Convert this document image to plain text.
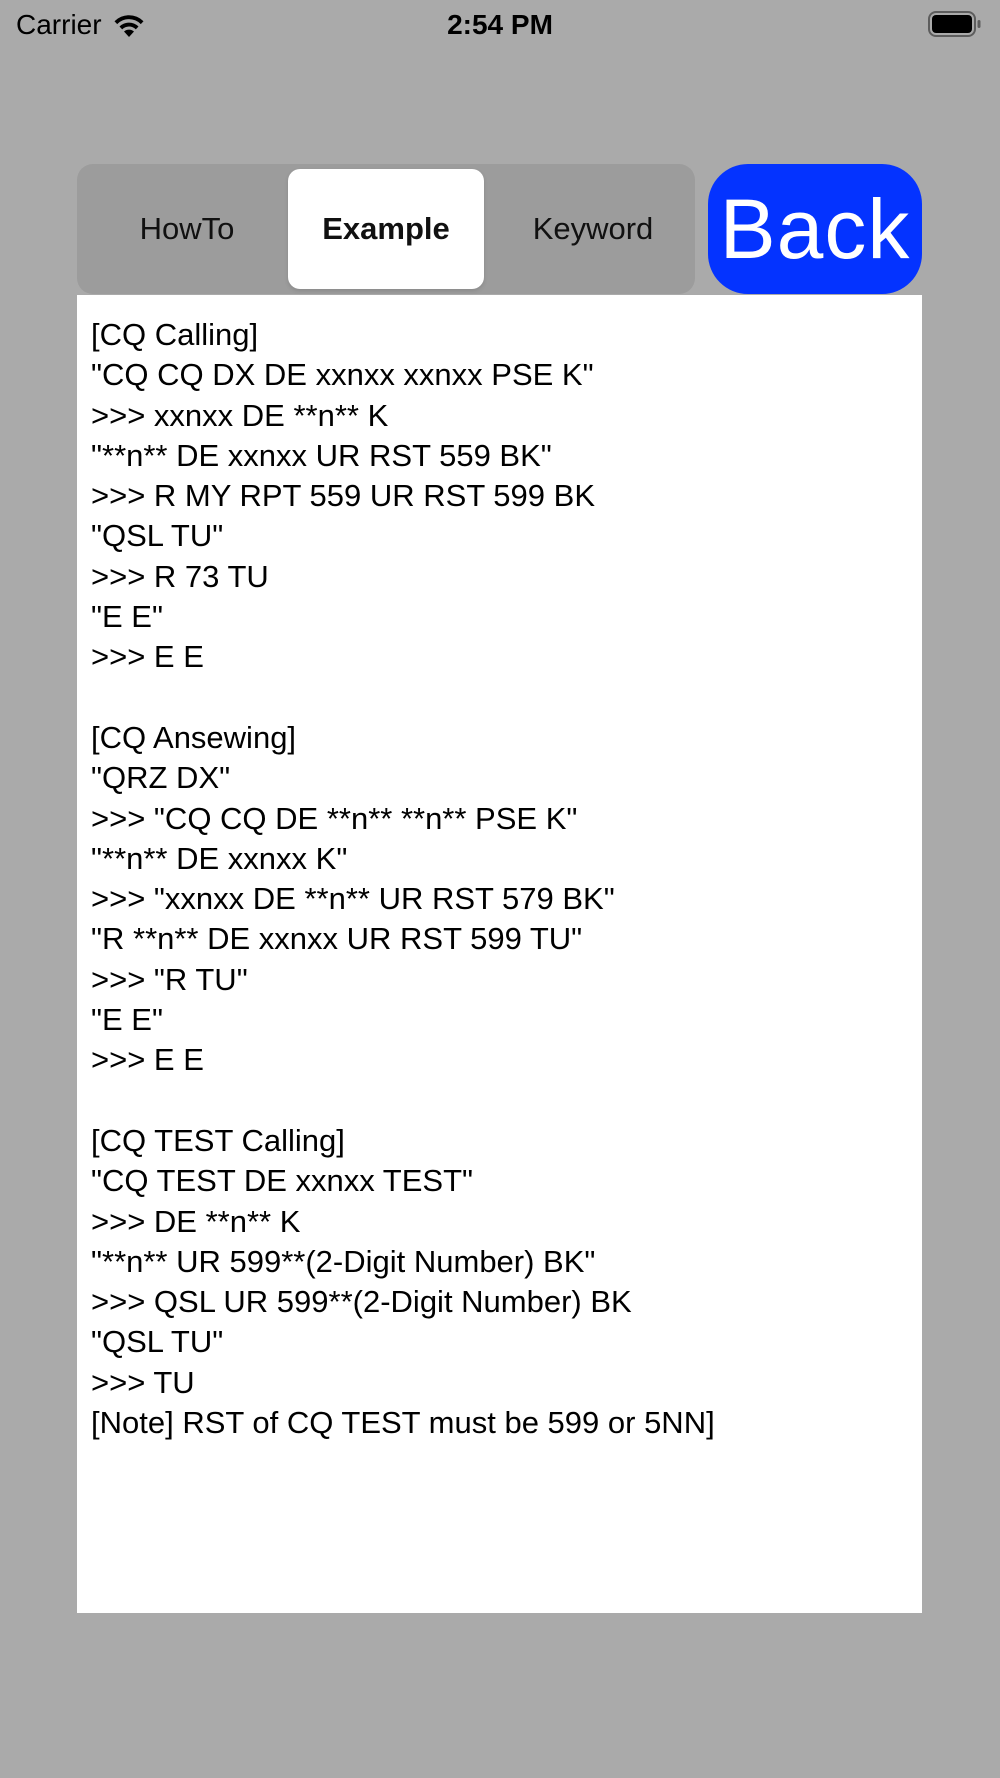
Carrier	2:54 PM
HowTo	Example	Keyword Back
[CQ Calling]
"CQ CQ DX DE xxnxx xxnxx PSE K"
>>> xxnxx DE **n** K
"**n** DE xxnxx UR RST 559 BK"
>>> R MY RPT 559 UR RST 599 BK
"QSL TU"
>>> R 73 TU
"E E"
>>> E E

[CQ Ansewing]
"QRZ DX"
>>> "CQ CQ DE **n** **n** PSE K"
"**n** DE xxnxx K"
>>> "xxnxx DE **n** UR RST 579 BK"
"R **n** DE xxnxx UR RST 599 TU"
>>> "R TU"
"E E"
>>> E E

[CQ TEST Calling]
"CQ TEST DE xxnxx TEST"
>>> DE **n** K
"**n** UR 599**(2-Digit Number) BK"
>>> QSL UR 599**(2-Digit Number) BK
"QSL TU"
>>> TU
[Note] RST of CQ TEST must be 599 or 5NN]
